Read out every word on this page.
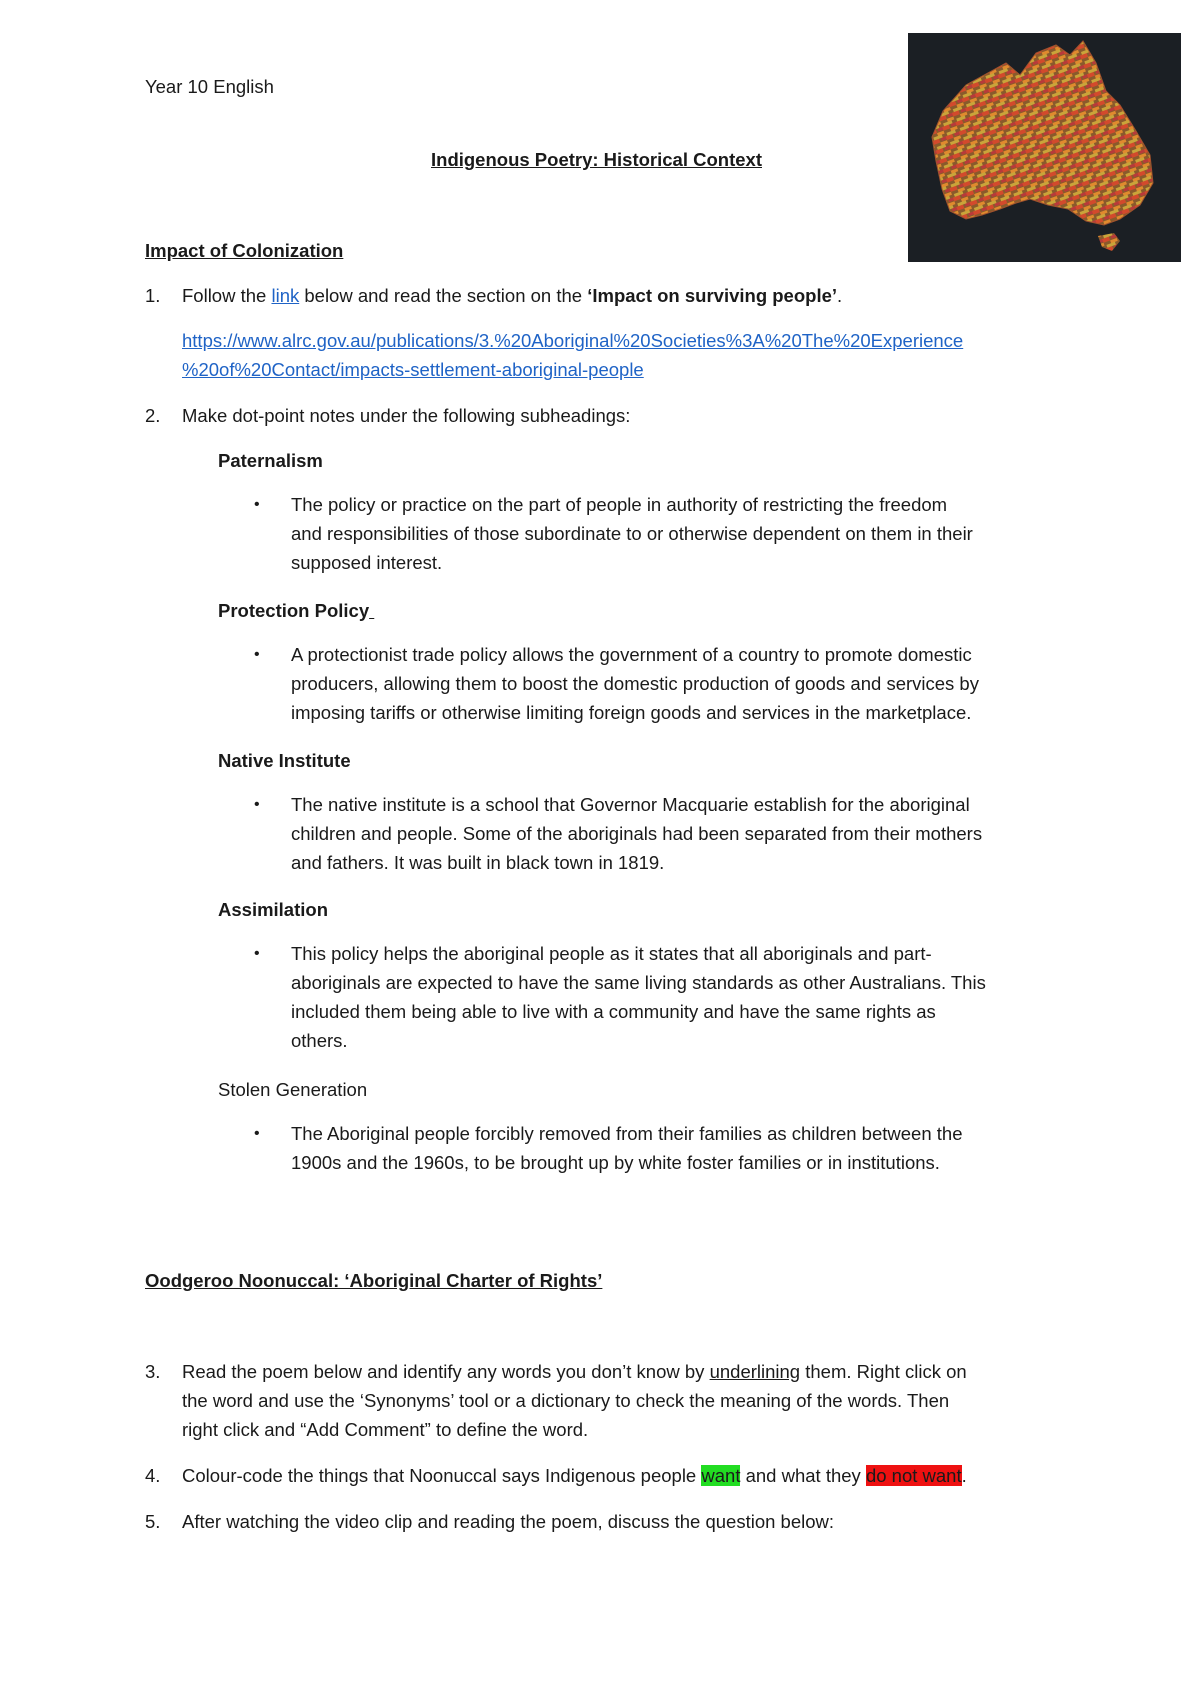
Year 10 English
Indigenous Poetry: Historical Context
Impact of Colonization
1.	Follow the link below and read the section on the ‘Impact on surviving people’.
https://www.alrc.gov.au/publications/3.%20Aboriginal%20Societies%3A%20The%20Experience
%20of%20Contact/impacts-settlement-aboriginal-people
2.	Make dot-point notes under the following subheadings:
Paternalism
• The policy or practice on the part of people in authority of restricting the freedom
and responsibilities of those subordinate to or otherwise dependent on them in their
supposed interest.
Protection Policy
• A protectionist trade policy allows the government of a country to promote domestic
producers, allowing them to boost the domestic production of goods and services by
imposing tariffs or otherwise limiting foreign goods and services in the marketplace.
Native Institute
• The native institute is a school that Governor Macquarie establish for the aboriginal
children and people. Some of the aboriginals had been separated from their mothers
and fathers. It was built in black town in 1819.
Assimilation
• This policy helps the aboriginal people as it states that all aboriginals and part-
aboriginals are expected to have the same living standards as other Australians. This
included them being able to live with a community and have the same rights as
others.
Stolen Generation
• The Aboriginal people forcibly removed from their families as children between the
1900s and the 1960s, to be brought up by white foster families or in institutions.
Oodgeroo Noonuccal: ‘Aboriginal Charter of Rights’
3.	Read the poem below and identify any words you don’t know by underlining them. Right click on
the word and use the ‘Synonyms’ tool or a dictionary to check the meaning of the words. Then
right click and “Add Comment” to define the word.
4.	Colour-code the things that Noonuccal says Indigenous people want and what they do not want.
5.	After watching the video clip and reading the poem, discuss the question below:
